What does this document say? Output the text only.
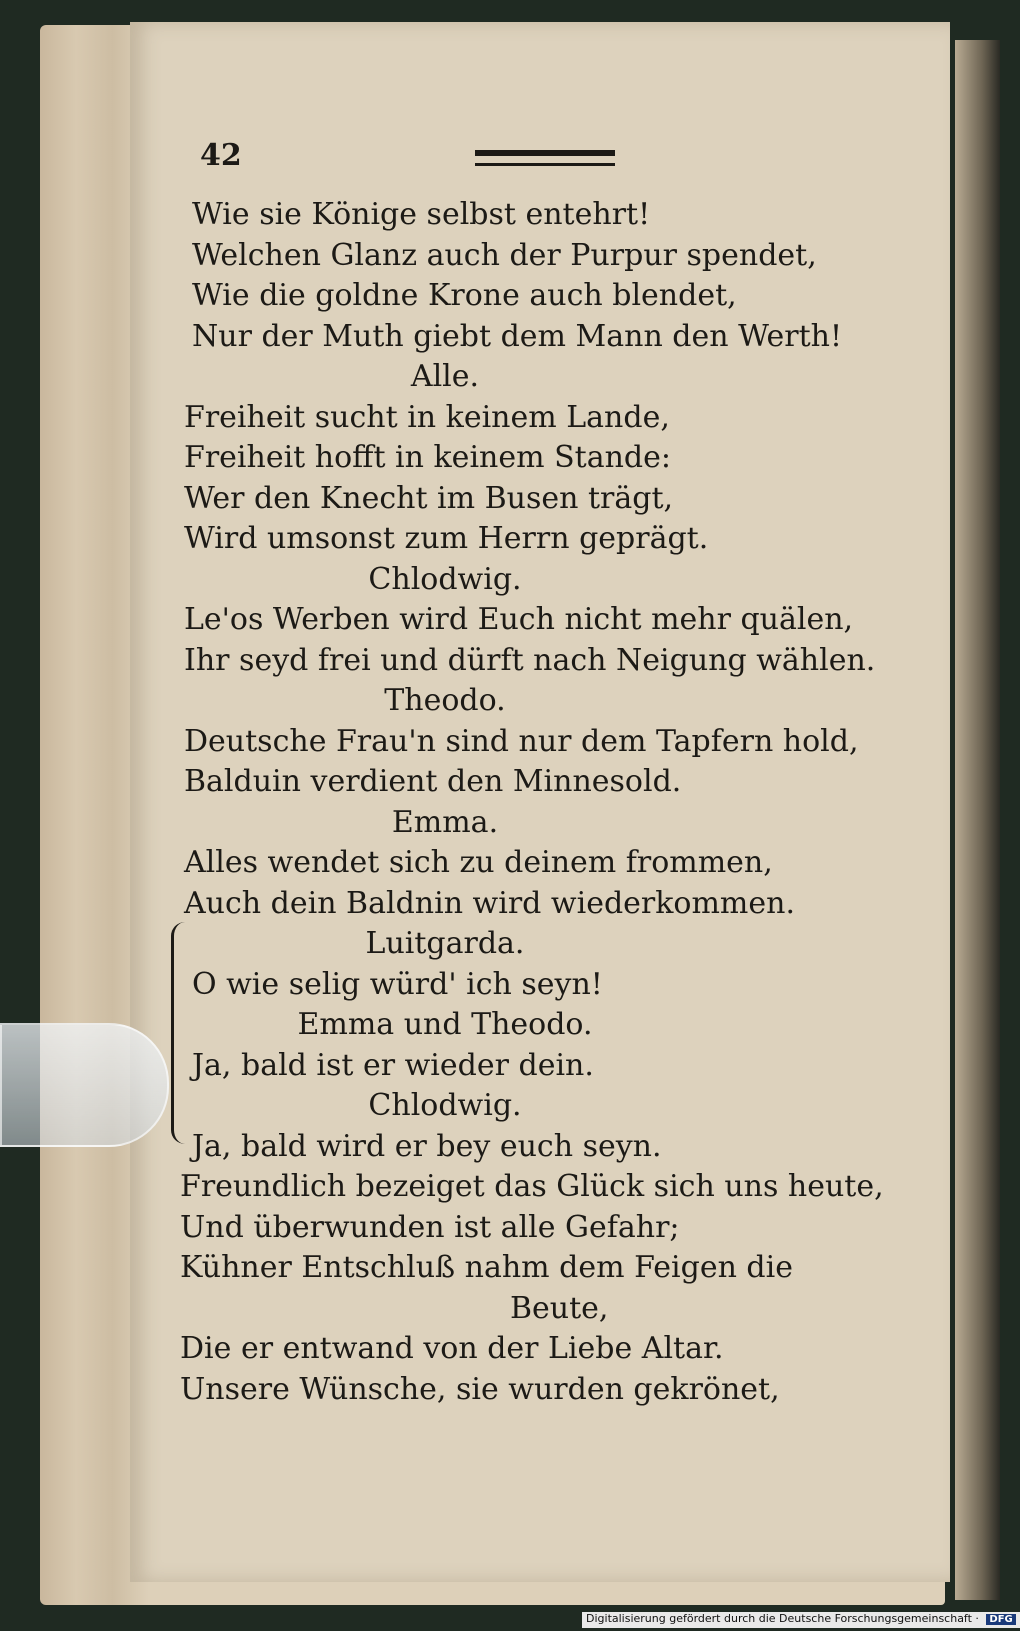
42
Wie sie Könige selbst entehrt!
Welchen Glanz auch der Purpur spendet,
Wie die goldne Krone auch blendet,
Nur der Muth giebt dem Mann den Werth!
Alle.
Freiheit sucht in keinem Lande,
Freiheit hofft in keinem Stande:
Wer den Knecht im Busen trägt,
Wird umsonst zum Herrn geprägt.
Chlodwig.
Le'os Werben wird Euch nicht mehr quälen,
Ihr seyd frei und dürft nach Neigung wählen.
Theodo.
Deutsche Frau'n sind nur dem Tapfern hold,
Balduin verdient den Minnesold.
Emma.
Alles wendet sich zu deinem frommen,
Auch dein Baldnin wird wiederkommen.
Luitgarda.
O wie selig würd' ich seyn!
Emma und Theodo.
Ja, bald ist er wieder dein.
Chlodwig.
Ja, bald wird er bey euch seyn.
Freundlich bezeiget das Glück sich uns heute,
Und überwunden ist alle Gefahr;
Kühner Entschluß nahm dem Feigen die
Beute,
Die er entwand von der Liebe Altar.
Unsere Wünsche, sie wurden gekrönet,
Digitalisierung gefördert durch die Deutsche Forschungsgemeinschaft · DFG
